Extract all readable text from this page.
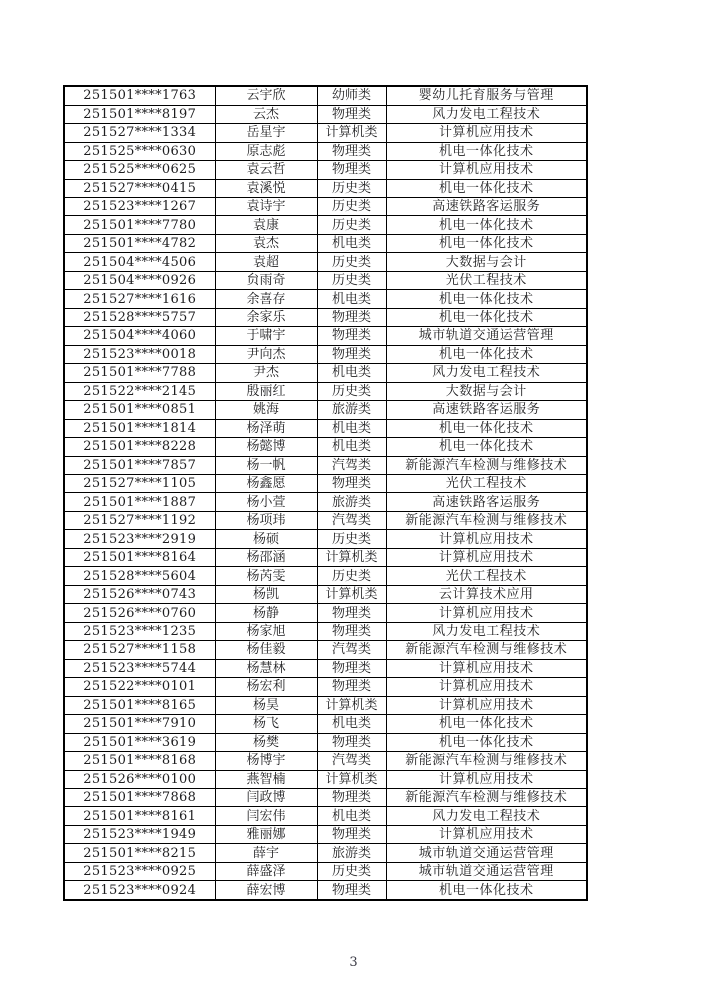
251501****1763	云宇欣	幼师类	婴幼儿托育服务与管理
251501****8197	云杰	物理类	风力发电工程技术
251527****1334	岳星宇	计算机类	计算机应用技术
251525****0630	原志彪	物理类	机电一体化技术
251525****0625	袁云哲	物理类	计算机应用技术
251527****0415	袁溪悦	历史类	机电一体化技术
251523****1267	袁诗宇	历史类	高速铁路客运服务
251501****7780	袁康	历史类	机电一体化技术
251501****4782	袁杰	机电类	机电一体化技术
251504****4506	袁超	历史类	大数据与会计
251504****0926	贠雨奇	历史类	光伏工程技术
251527****1616	余喜存	机电类	机电一体化技术
251528****5757	余家乐	物理类	机电一体化技术
251504****4060	于啸宇	物理类	城市轨道交通运营管理
251523****0018	尹向杰	物理类	机电一体化技术
251501****7788	尹杰	机电类	风力发电工程技术
251522****2145	殷丽红	历史类	大数据与会计
251501****0851	姚海	旅游类	高速铁路客运服务
251501****1814	杨泽萌	机电类	机电一体化技术
251501****8228	杨懿博	机电类	机电一体化技术
251501****7857	杨一帆	汽驾类	新能源汽车检测与维修技术
251527****1105	杨鑫愿	物理类	光伏工程技术
251501****1887	杨小萱	旅游类	高速铁路客运服务
251527****1192	杨项玮	汽驾类	新能源汽车检测与维修技术
251523****2919	杨硕	历史类	计算机应用技术
251501****8164	杨邵涵	计算机类	计算机应用技术
251528****5604	杨芮雯	历史类	光伏工程技术
251526****0743	杨凯	计算机类	云计算技术应用
251526****0760	杨静	物理类	计算机应用技术
251523****1235	杨家旭	物理类	风力发电工程技术
251527****1158	杨佳毅	汽驾类	新能源汽车检测与维修技术
251523****5744	杨慧林	物理类	计算机应用技术
251522****0101	杨宏利	物理类	计算机应用技术
251501****8165	杨昊	计算机类	计算机应用技术
251501****7910	杨飞	机电类	机电一体化技术
251501****3619	杨樊	物理类	机电一体化技术
251501****8168	杨博宇	汽驾类	新能源汽车检测与维修技术
251526****0100	燕智楠	计算机类	计算机应用技术
251501****7868	闫政博	物理类	新能源汽车检测与维修技术
251501****8161	闫宏伟	机电类	风力发电工程技术
251523****1949	雅丽娜	物理类	计算机应用技术
251501****8215	薛宇	旅游类	城市轨道交通运营管理
251523****0925	薛盛泽	历史类	城市轨道交通运营管理
251523****0924	薛宏博	物理类	机电一体化技术
3
